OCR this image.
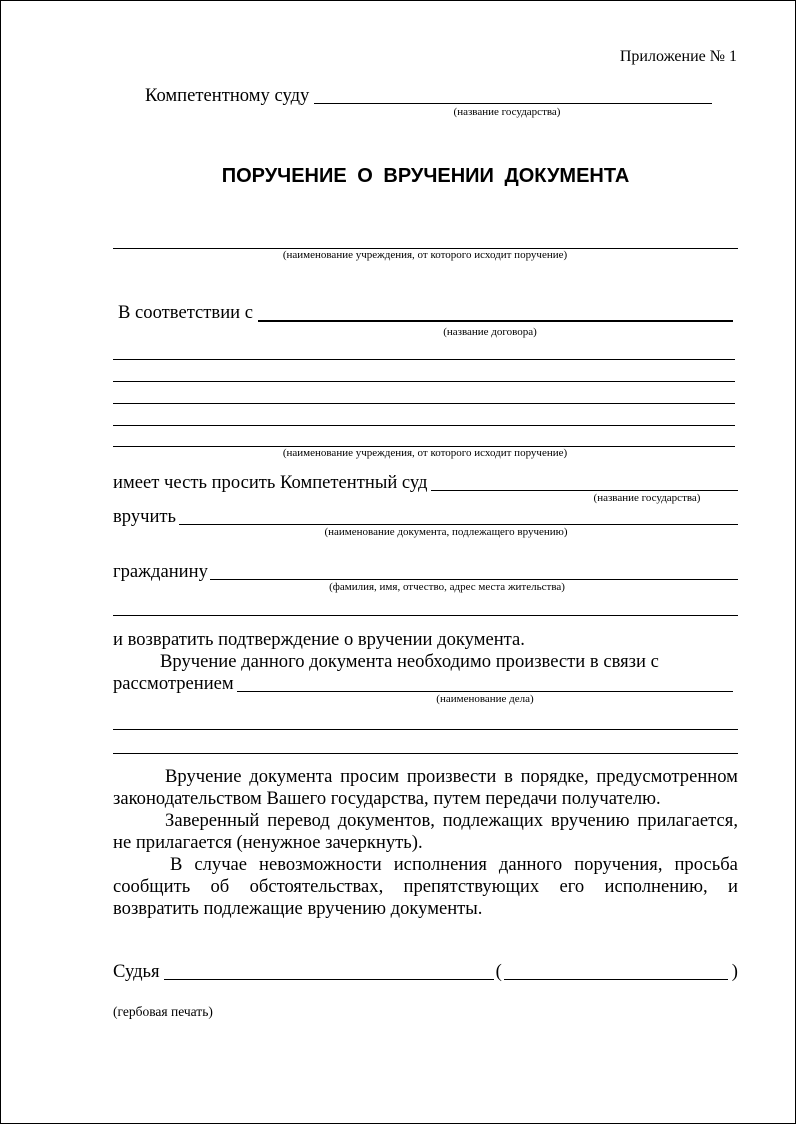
Приложение № 1
Компетентному суду
(название государства)
ПОРУЧЕНИЕ О ВРУЧЕНИИ ДОКУМЕНТА
(наименование учреждения, от которого исходит поручение)
В соответствии с
(название договора)
(наименование учреждения, от которого исходит поручение)
имеет честь просить Компетентный суд
(название государства)
вручить
(наименование документа, подлежащего вручению)
гражданину
(фамилия, имя, отчество, адрес места жительства)
и возвратить подтверждение о вручении документа.
Вручение данного документа необходимо произвести в связи с
рассмотрением
(наименование дела)
Вручение документа просим произвести в порядке, предусмотренном
законодательством Вашего государства, путем передачи получателю.
Заверенный перевод документов, подлежащих вручению прилагается,
не прилагается (ненужное зачеркнуть).
В случае невозможности исполнения данного поручения, просьба
сообщить об обстоятельствах, препятствующих его исполнению, и
возвратить подлежащие вручению документы.
Судья	(	)
(гербовая печать)
